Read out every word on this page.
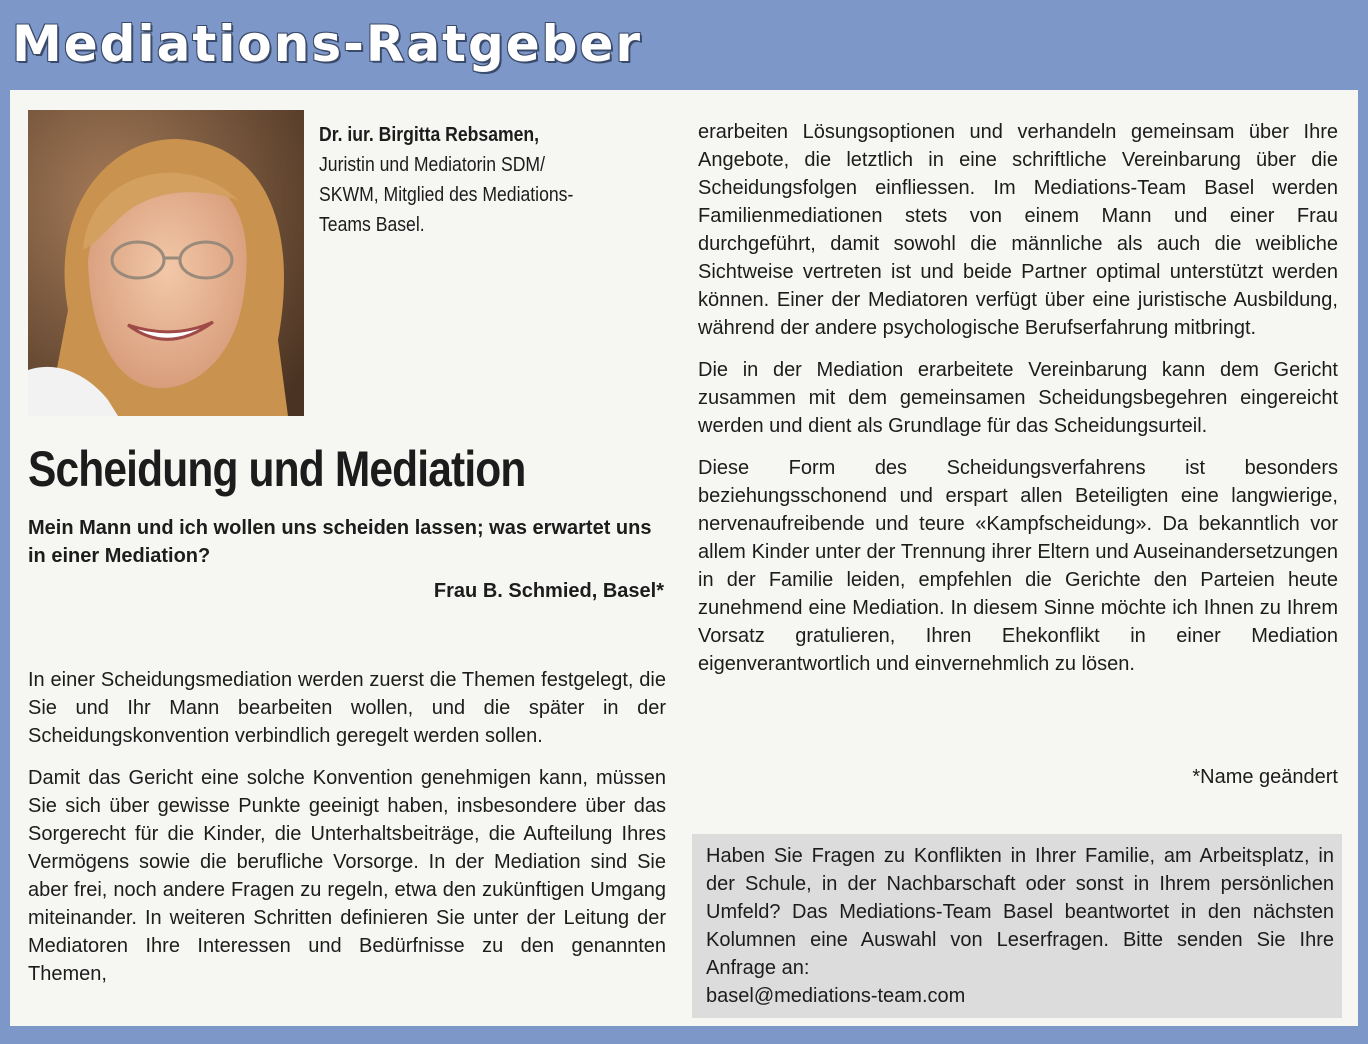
Mediations-Ratgeber
Dr. iur. Birgitta Rebsamen,
Juristin und Mediatorin SDM/
SKWM, Mitglied des Mediations-
Teams Basel.
Scheidung und Mediation
Mein Mann und ich wollen uns scheiden lassen; was erwartet uns in einer Mediation?
Frau B. Schmied, Basel*

In einer Scheidungsmediation werden zuerst die Themen festgelegt, die Sie und Ihr Mann bearbeiten wollen, und die später in der Scheidungskonvention verbindlich geregelt werden sollen.

Damit das Gericht eine solche Konvention genehmigen kann, müssen Sie sich über gewisse Punkte geeinigt haben, insbesondere über das Sorgerecht für die Kinder, die Unterhaltsbeiträge, die Aufteilung Ihres Vermögens sowie die berufliche Vorsorge. In der Mediation sind Sie aber frei, noch andere Fragen zu regeln, etwa den zukünftigen Umgang miteinander. In weiteren Schritten definieren Sie unter der Leitung der Mediatoren Ihre Interessen und Bedürfnisse zu den genannten Themen,

erarbeiten Lösungsoptionen und verhandeln gemeinsam über Ihre Angebote, die letztlich in eine schriftliche Vereinbarung über die Scheidungsfolgen einfliessen. Im Mediations-Team Basel werden Familienmediationen stets von einem Mann und einer Frau durchgeführt, damit sowohl die männliche als auch die weibliche Sichtweise vertreten ist und beide Partner optimal unterstützt werden können. Einer der Mediatoren verfügt über eine juristische Ausbildung, während der andere psychologische Berufserfahrung mitbringt.

Die in der Mediation erarbeitete Vereinbarung kann dem Gericht zusammen mit dem gemeinsamen Scheidungsbegehren eingereicht werden und dient als Grundlage für das Scheidungsurteil.

Diese Form des Scheidungsverfahrens ist besonders beziehungsschonend und erspart allen Beteiligten eine langwierige, nervenaufreibende und teure «Kampfscheidung». Da bekanntlich vor allem Kinder unter der Trennung ihrer Eltern und Auseinandersetzungen in der Familie leiden, empfehlen die Gerichte den Parteien heute zunehmend eine Mediation. In diesem Sinne möchte ich Ihnen zu Ihrem Vorsatz gratulieren, Ihren Ehekonflikt in einer Mediation eigenverantwortlich und einvernehmlich zu lösen.

*Name geändert
Haben Sie Fragen zu Konflikten in Ihrer Familie, am Arbeitsplatz, in der Schule, in der Nachbarschaft oder sonst in Ihrem persönlichen Umfeld? Das Mediations-Team Basel beantwortet in den nächsten Kolumnen eine Auswahl von Leserfragen. Bitte senden Sie Ihre Anfrage an:
basel@mediations-team.com
